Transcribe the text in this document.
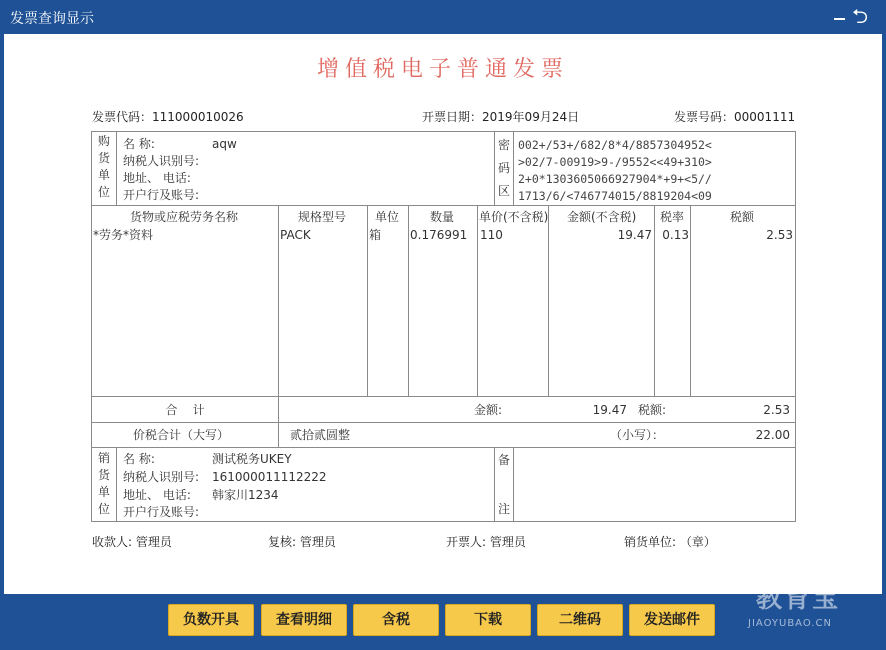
发票查询显示	⮌
增值税电子普通发票
发票代码：111000010026	开票日期：2019年09月24日	发票号码：00001111
购
货
单
位
名 称:	aqw
纳税人识别号:
地址、 电话:
开户行及账号:
密
码
区
002+/53+/682/8*4/8857304952<
>02/7-00919>9-/9552<<49+310>
2+0*1303605066927904*+9+<5//
1713/6/<746774015/8819204<09
货物或应税劳务名称	规格型号 单位	数量 单价(不含税) 金额(不含税) 税率	税额
*劳务*资料	PACK	箱 0.176991 110	19.47 0.13	2.53
合    计	金额:	19.47 税额:	2.53
价税合计（大写）	贰拾贰圆整	（小写）：	22.00
销
货
单
位
名 称:	测试税务UKEY
纳税人识别号: 161000011112222
地址、 电话: 韩家川1234
开户行及账号:
备
注
收款人: 管理员	复核: 管理员	开票人: 管理员	销货单位: （章）
负数开具	查看明细	含税	下载	二维码	发送邮件
教育宝
JIAOYUBAO.CN
